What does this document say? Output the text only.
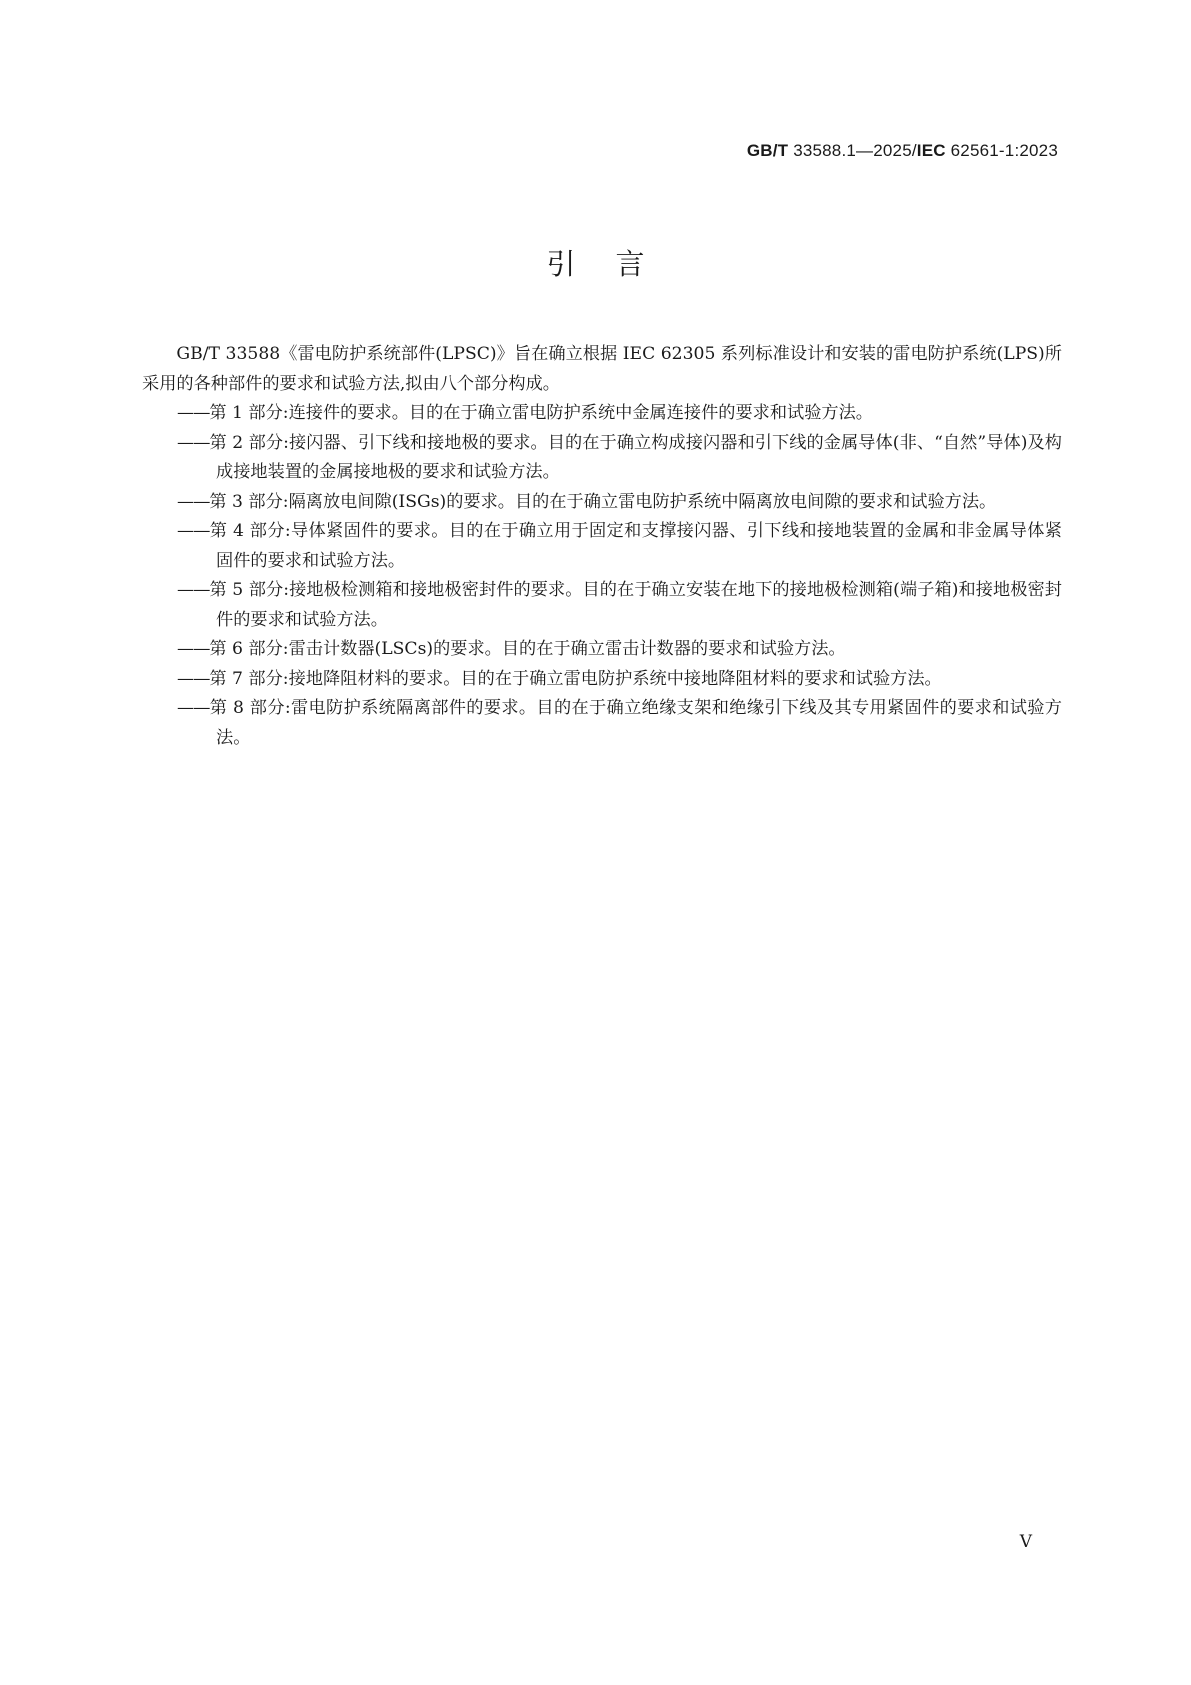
GB/T 33588.1—2025/IEC 62561-1:2023
引言

GB/T 33588《雷电防护系统部件(LPSC)》旨在确立根据 IEC 62305 系列标准设计和安装的雷电防护系统(LPS)所采用的各种部件的要求和试验方法,拟由八个部分构成。

——第 1 部分:连接件的要求。目的在于确立雷电防护系统中金属连接件的要求和试验方法。
——第 2 部分:接闪器、引下线和接地极的要求。目的在于确立构成接闪器和引下线的金属导体(非、“自然”导体)及构成接地装置的金属接地极的要求和试验方法。
——第 3 部分:隔离放电间隙(ISGs)的要求。目的在于确立雷电防护系统中隔离放电间隙的要求和试验方法。
——第 4 部分:导体紧固件的要求。目的在于确立用于固定和支撑接闪器、引下线和接地装置的金属和非金属导体紧固件的要求和试验方法。
——第 5 部分:接地极检测箱和接地极密封件的要求。目的在于确立安装在地下的接地极检测箱(端子箱)和接地极密封件的要求和试验方法。
——第 6 部分:雷击计数器(LSCs)的要求。目的在于确立雷击计数器的要求和试验方法。
——第 7 部分:接地降阻材料的要求。目的在于确立雷电防护系统中接地降阻材料的要求和试验方法。
——第 8 部分:雷电防护系统隔离部件的要求。目的在于确立绝缘支架和绝缘引下线及其专用紧固件的要求和试验方法。
V
